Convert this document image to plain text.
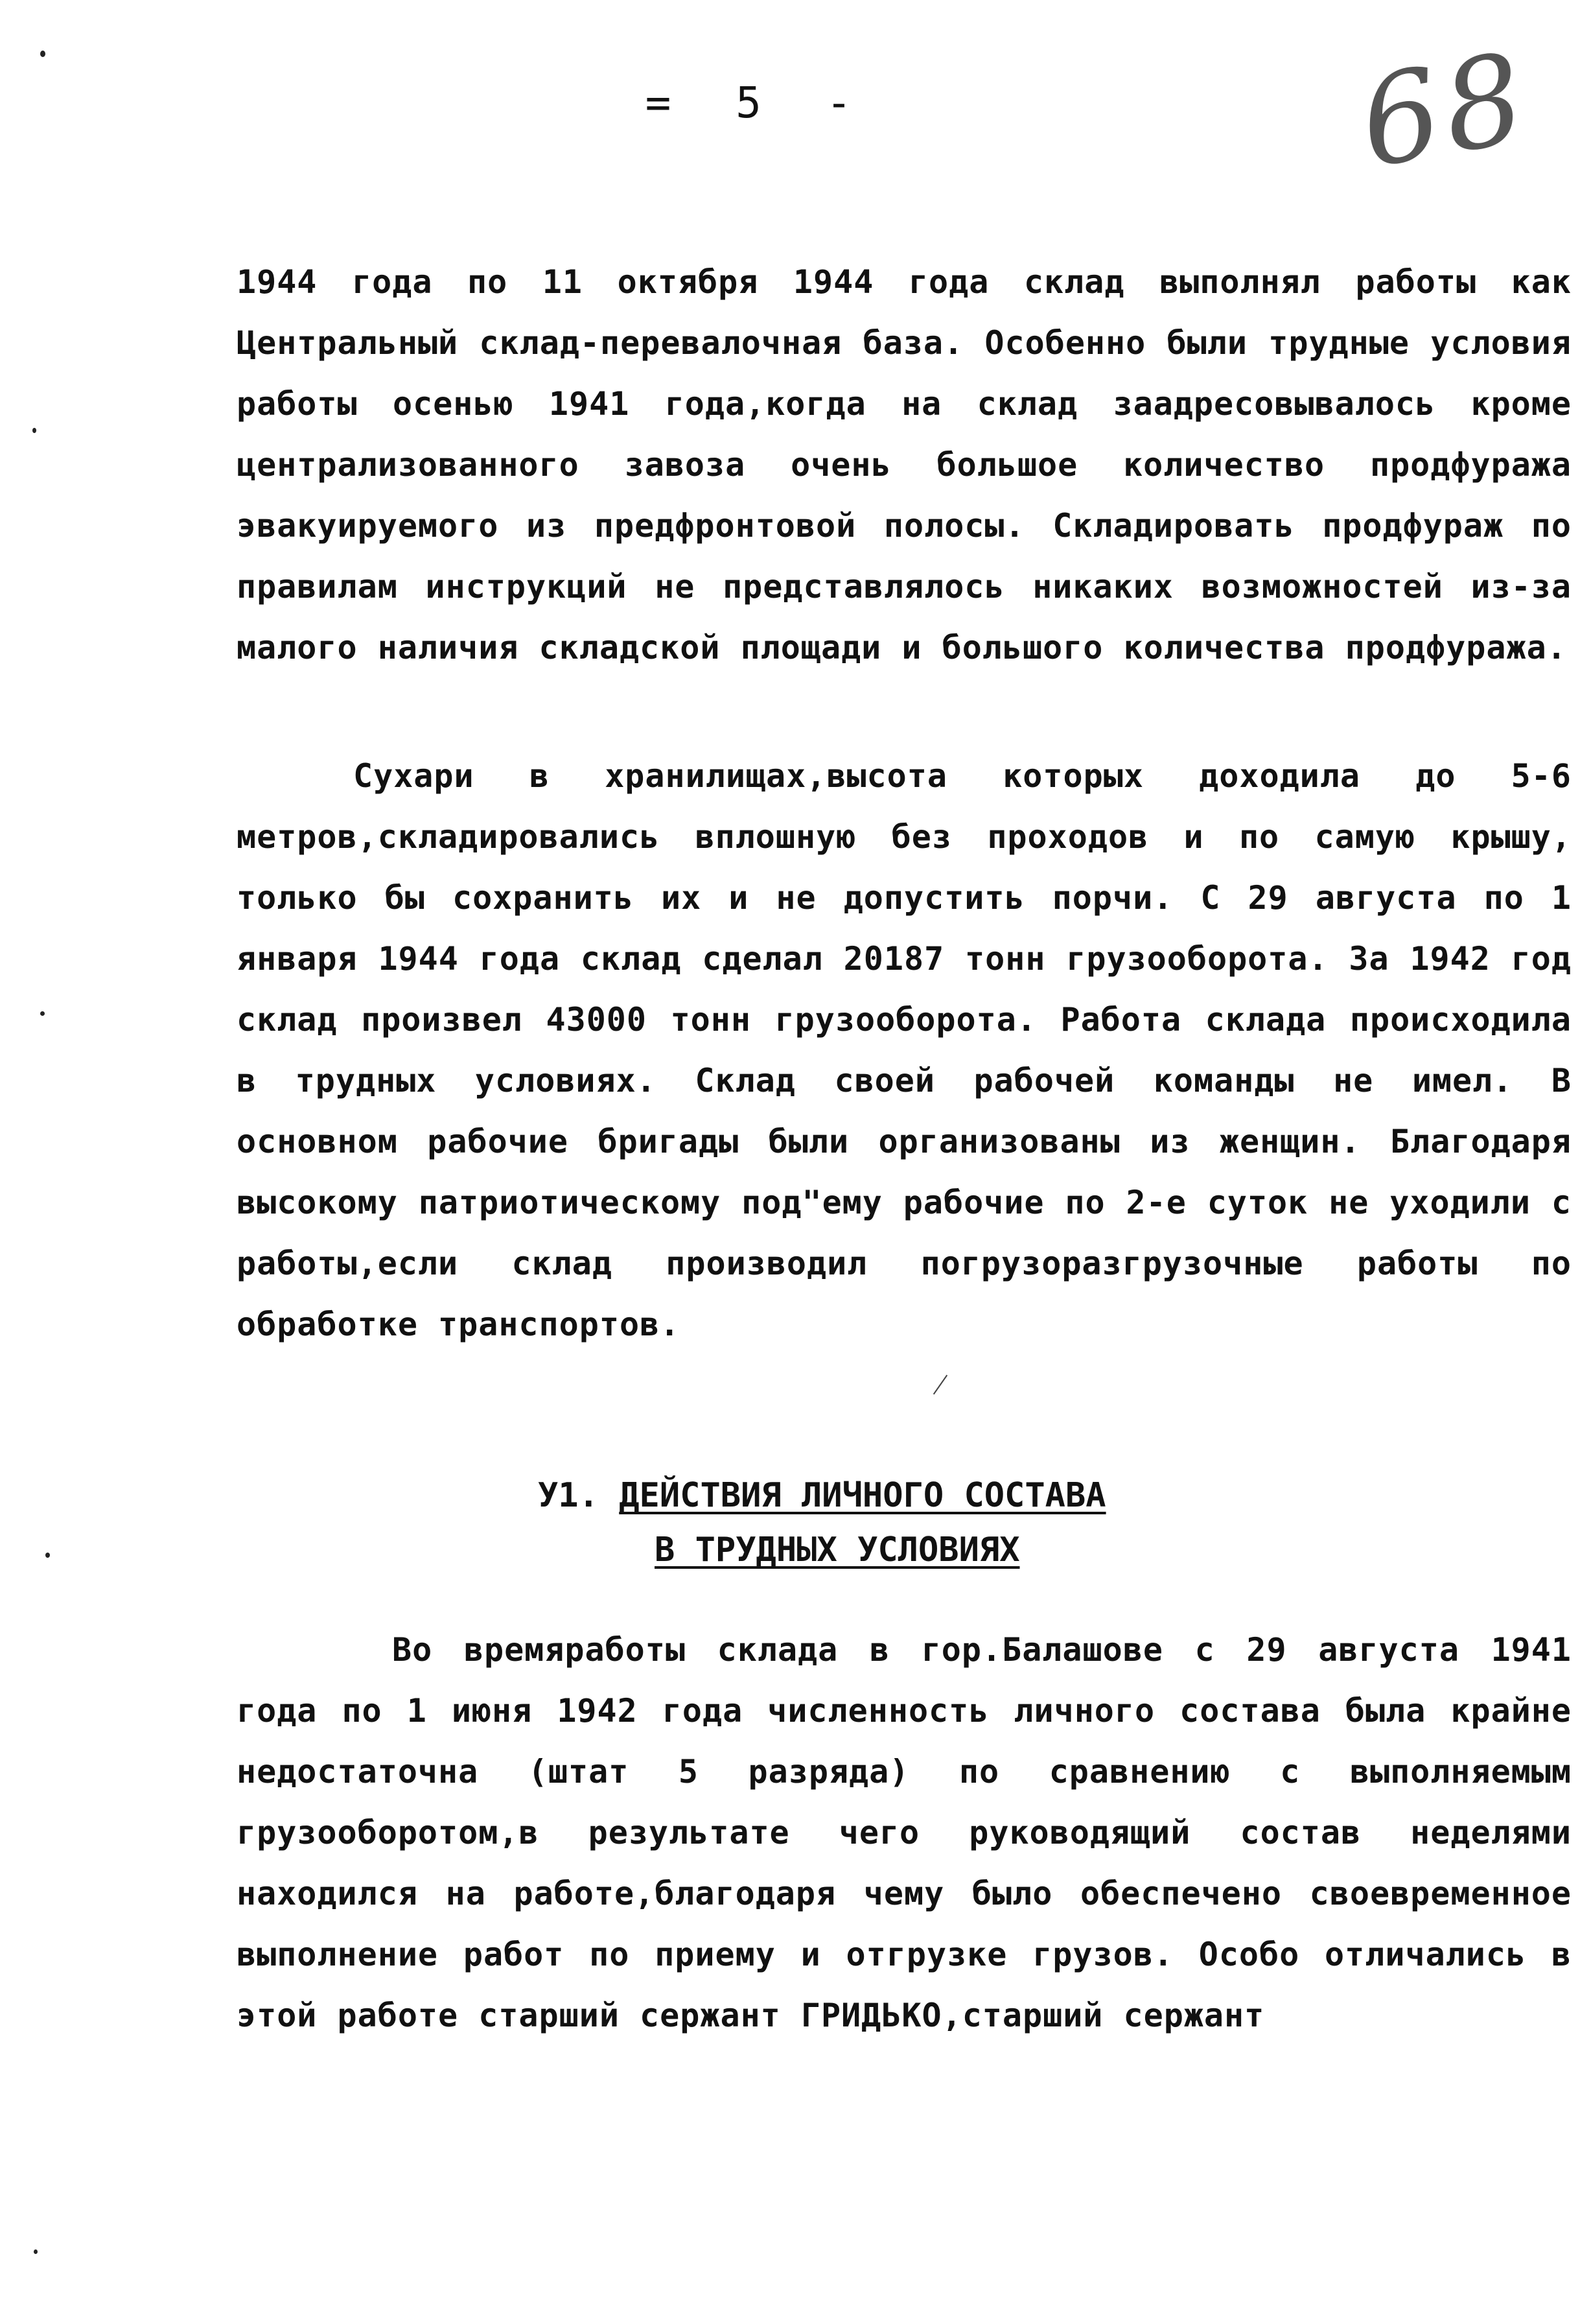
= 5 -	68

1944 года по 11 октября 1944 года склад выполнял работы как Центральный склад-перевалочная база. Особенно были трудные условия работы осенью 1941 года,когда на склад заадресовывалось кроме централизованного завоза очень большое количество продфуража эвакуируемого из предфронтовой полосы. Складировать продфураж по правилам инструкций не представлялось никаких возможностей из-за малого наличия складской площади и большого количества продфуража.

Сухари в хранилищах,высота которых доходила до 5-6 метров,складировались вплошную без проходов и по самую крышу, только бы сохранить их и не допустить порчи. С 29 августа по 1 января 1944 года склад сделал 20187 тонн грузооборота. За 1942 год склад произвел 43000 тонн грузооборота. Работа склада происходила в трудных условиях. Склад своей рабочей команды не имел. В основном рабочие бригады были организованы из женщин. Благодаря высокому патриотическому под"ему рабочие по 2-е суток не уходили с работы,если склад производил погрузоразгрузочные работы по обработке транспортов.

У1. ДЕЙСТВИЯ ЛИЧНОГО СОСТАВА
В ТРУДНЫХ УСЛОВИЯХ

Во времяработы склада в гор.Балашове с 29 августа 1941 года по 1 июня 1942 года численность личного состава была крайне недостаточна (штат 5 разряда) по сравнению с выполняемым грузооборотом,в результате чего руководящий состав неделями находился на работе,благодаря чему было обеспечено своевременное выполнение работ по приему и отгрузке грузов. Особо отличались в этой работе старший сержант ГРИДЬКО,старший сержант
